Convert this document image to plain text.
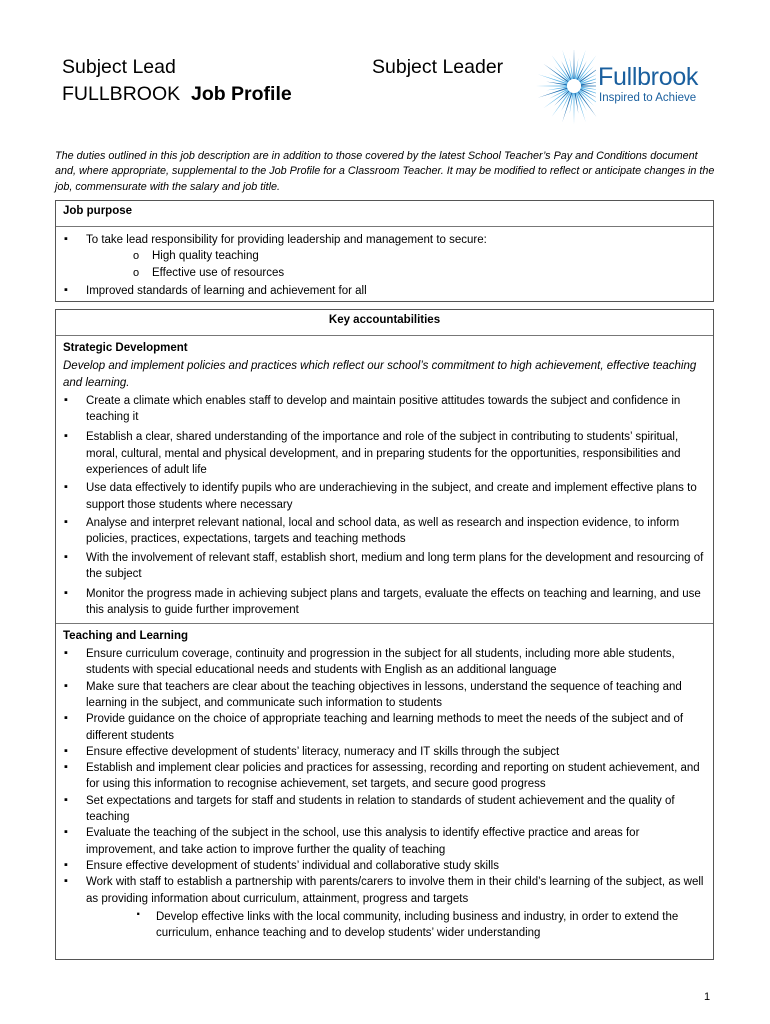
Subject Lead
FULLBROOK Job Profile
Subject Leader	Fullbrook
Inspired to Achieve
The duties outlined in this job description are in addition to those covered by the latest School Teacher’s Pay and Conditions document and, where appropriate, supplemental to the Job Profile for a Classroom Teacher. It may be modified to reflect or anticipate changes in the job, commensurate with the salary and job title.
Job purpose
▪ To take lead responsibility for providing leadership and management to secure:
o High quality teaching
o Effective use of resources
▪ Improved standards of learning and achievement for all
Key accountabilities
Strategic Development
Develop and implement policies and practices which reflect our school’s commitment to high achievement, effective teaching and learning.
▪ Create a climate which enables staff to develop and maintain positive attitudes towards the subject and confidence in teaching it
▪ Establish a clear, shared understanding of the importance and role of the subject in contributing to students’ spiritual, moral, cultural, mental and physical development, and in preparing students for the opportunities, responsibilities and experiences of adult life
▪ Use data effectively to identify pupils who are underachieving in the subject, and create and implement effective plans to support those students where necessary
▪ Analyse and interpret relevant national, local and school data, as well as research and inspection evidence, to inform policies, practices, expectations, targets and teaching methods
▪ With the involvement of relevant staff, establish short, medium and long term plans for the development and resourcing of the subject
▪ Monitor the progress made in achieving subject plans and targets, evaluate the effects on teaching and learning, and use this analysis to guide further improvement
Teaching and Learning
▪ Ensure curriculum coverage, continuity and progression in the subject for all students, including more able students, students with special educational needs and students with English as an additional language
▪ Make sure that teachers are clear about the teaching objectives in lessons, understand the sequence of teaching and learning in the subject, and communicate such information to students
▪ Provide guidance on the choice of appropriate teaching and learning methods to meet the needs of the subject and of different students
▪ Ensure effective development of students’ literacy, numeracy and IT skills through the subject
▪ Establish and implement clear policies and practices for assessing, recording and reporting on student achievement, and for using this information to recognise achievement, set targets, and secure good progress
▪ Set expectations and targets for staff and students in relation to standards of student achievement and the quality of teaching
▪ Evaluate the teaching of the subject in the school, use this analysis to identify effective practice and areas for improvement, and take action to improve further the quality of teaching
▪ Ensure effective development of students’ individual and collaborative study skills
▪ Work with staff to establish a partnership with parents/carers to involve them in their child’s learning of the subject, as well as providing information about curriculum, attainment, progress and targets
· Develop effective links with the local community, including business and industry, in order to extend the curriculum, enhance teaching and to develop students’ wider understanding
1
